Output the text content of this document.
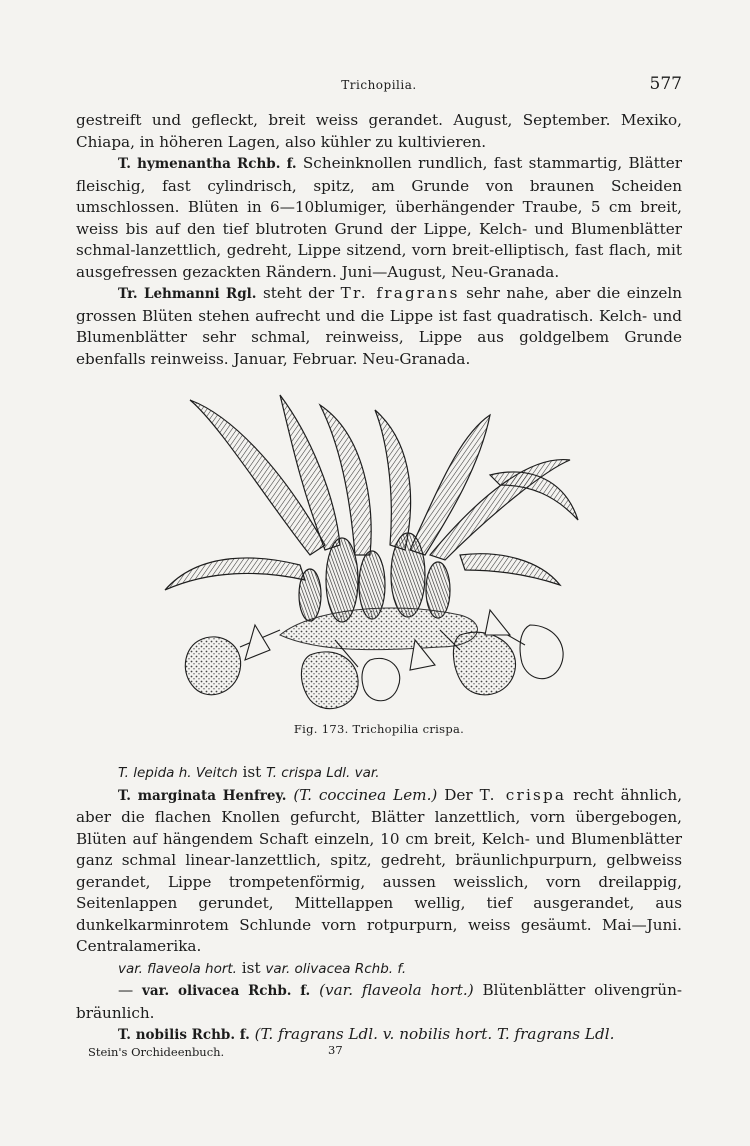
Trichopilia.	577

gestreift und gefleckt, breit weiss gerandet. August, September. Mexiko, Chiapa, in höheren Lagen, also kühler zu kultivieren.

T. hymenantha Rchb. f. Scheinknollen rundlich, fast stammartig, Blätter fleischig, fast cylindrisch, spitz, am Grunde von braunen Scheiden umschlossen. Blüten in 6—10blumiger, überhängender Traube, 5 cm breit, weiss bis auf den tief blutroten Grund der Lippe, Kelch- und Blumenblätter schmal-lanzettlich, gedreht, Lippe sitzend, vorn breit-elliptisch, fast flach, mit ausgefressen gezackten Rändern. Juni—August, Neu-Granada.

Tr. Lehmanni Rgl. steht der Tr. fragrans sehr nahe, aber die einzeln grossen Blüten stehen aufrecht und die Lippe ist fast quadratisch. Kelch- und Blumenblätter sehr schmal, reinweiss, Lippe aus goldgelbem Grunde ebenfalls reinweiss. Januar, Februar. Neu-Granada.

Fig. 173. Trichopilia crispa.

T. lepida h. Veitch ist T. crispa Ldl. var.

T. marginata Henfrey. (T. coccinea Lem.) Der T. crispa recht ähnlich, aber die flachen Knollen gefurcht, Blätter lanzettlich, vorn übergebogen, Blüten auf hängendem Schaft einzeln, 10 cm breit, Kelch- und Blumenblätter ganz schmal linear-lanzettlich, spitz, gedreht, bräunlichpurpurn, gelbweiss gerandet, Lippe trompetenförmig, aussen weisslich, vorn dreilappig, Seitenlappen gerundet, Mittellappen wellig, tief ausgerandet, aus dunkelkarminrotem Schlunde vorn rotpurpurn, weiss gesäumt. Mai—Juni. Centralamerika.

var. flaveola hort. ist var. olivacea Rchb. f.

— var. olivacea Rchb. f. (var. flaveola hort.) Blütenblätter olivengrün-bräunlich.

T. nobilis Rchb. f. (T. fragrans Ldl. v. nobilis hort. T. fragrans Ldl.

Stein's Orchideenbuch.	37
